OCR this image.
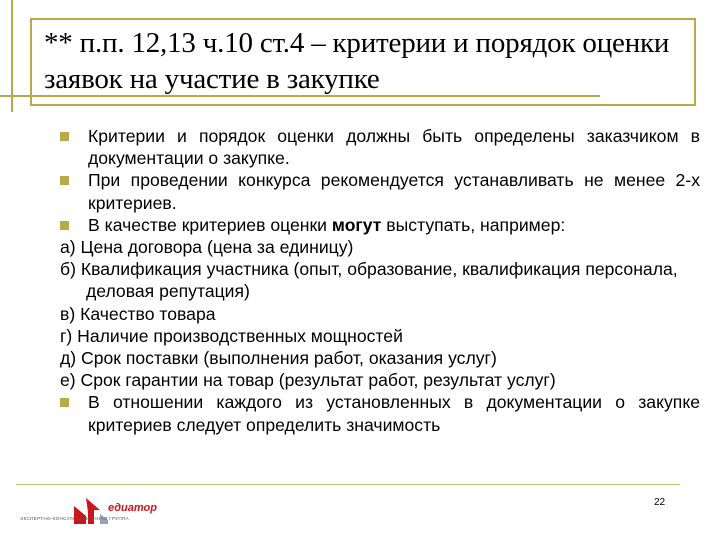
** п.п. 12,13 ч.10 ст.4 – критерии и порядок оценки заявок на участие в закупке
Критерии и порядок оценки должны быть определены заказчиком в документации о закупке.
При проведении конкурса рекомендуется устанавливать не менее 2-х критериев.
В качестве критериев оценки могут выступать, например:
а) Цена договора (цена за единицу)
б) Квалификация участника (опыт, образование, квалификация персонала, деловая репутация)
в) Качество товара
г) Наличие производственных мощностей
д) Срок поставки (выполнения работ, оказания услуг)
е) Срок гарантии на товар (результат работ, результат услуг)
В отношении каждого из установленных в документации о закупке критериев следует определить значимость
22
едиатор
ЭКСПЕРТНО-КОНСУЛЬТАЦИОННАЯ ГРУППА
